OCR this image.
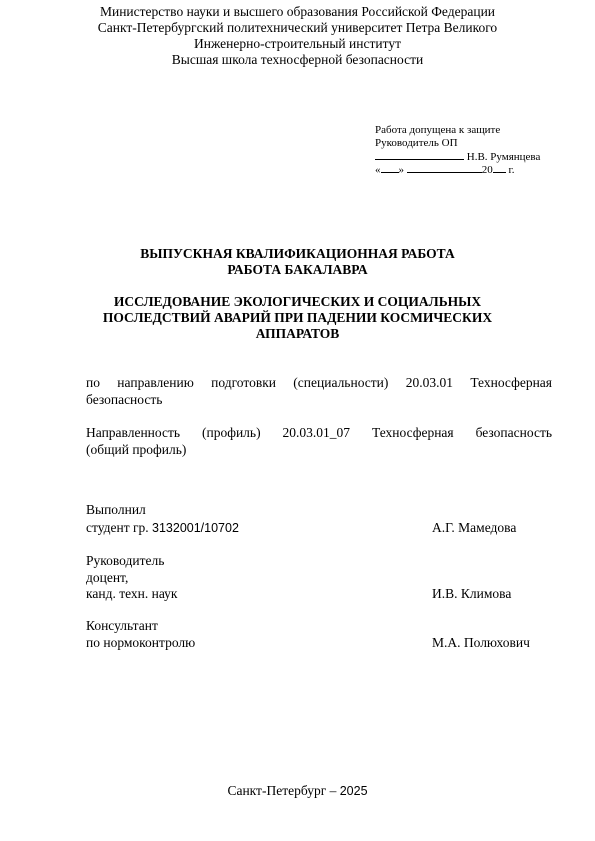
Министерство науки и высшего образования Российской Федерации
Санкт-Петербургский политехнический университет Петра Великого
Инженерно-строительный институт
Высшая школа техносферной безопасности
Работа допущена к защите
Руководитель ОП
Н.В. Румянцева
« »	20 г.
ВЫПУСКНАЯ КВАЛИФИКАЦИОННАЯ РАБОТА
РАБОТА БАКАЛАВРА
ИССЛЕДОВАНИЕ ЭКОЛОГИЧЕСКИХ И СОЦИАЛЬНЫХ
ПОСЛЕДСТВИЙ АВАРИЙ ПРИ ПАДЕНИИ КОСМИЧЕСКИХ
АППАРАТОВ
по направлению подготовки (специальности) 20.03.01 Техносферная
безопасность
Направленность (профиль) 20.03.01_07 Техносферная безопасность
(общий профиль)
Выполнил
студент гр. 3132001/10702	А.Г. Мамедова
Руководитель
доцент,
канд. техн. наук	И.В. Климова
Консультант
по нормоконтролю	М.А. Полюхович
Санкт-Петербург – 2025
